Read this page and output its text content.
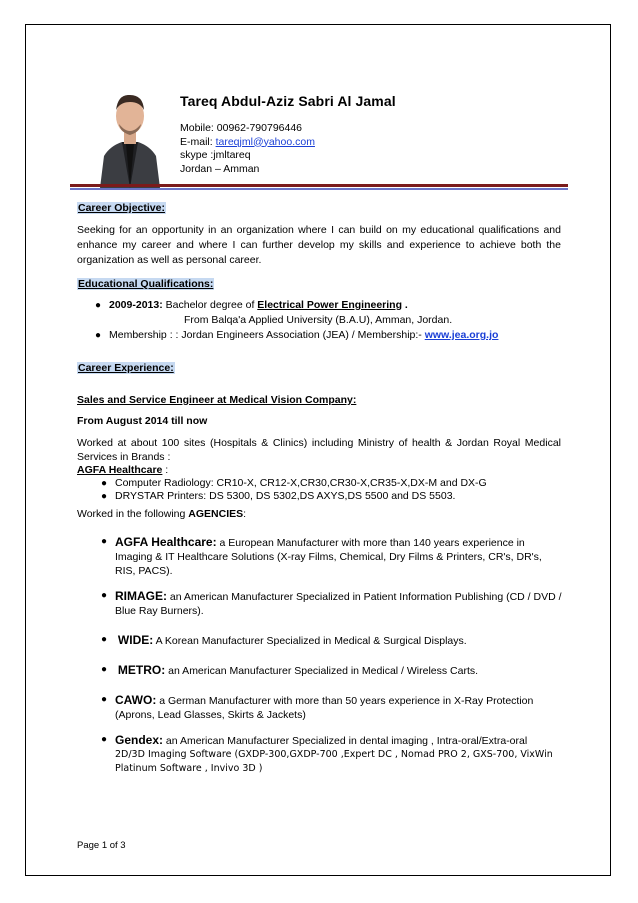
Tareq Abdul-Aziz Sabri Al Jamal
Mobile: 00962-790796446
E-mail: tareqjml@yahoo.com
skype :jmltareq
Jordan – Amman
Career Objective:

Seeking for an opportunity in an organization where I can build on my educational qualifications and enhance my career and where I can further develop my skills and experience to achieve both the organization as well as personal career.

Educational Qualifications:
● 2009-2013: Bachelor degree of Electrical Power Engineering .
From Balqa'a Applied University (B.A.U), Amman, Jordan.
● Membership : : Jordan Engineers Association (JEA) / Membership:- www.jea.org.jo
Career Experience:
Sales and Service Engineer at Medical Vision Company:
From August 2014 till now

Worked at about 100 sites (Hospitals & Clinics) including Ministry of health & Jordan Royal Medical Services in Brands :

AGFA Healthcare :
● Computer Radiology: CR10-X, CR12-X,CR30,CR30-X,CR35-X,DX-M and DX-G
● DRYSTAR Printers: DS 5300, DS 5302,DS AXYS,DS 5500 and DS 5503.
Worked in the following AGENCIES:
● AGFA Healthcare: a European Manufacturer with more than 140 years experience in Imaging & IT Healthcare Solutions (X-ray Films, Chemical, Dry Films & Printers, CR's, DR's, RIS, PACS).
● RIMAGE: an American Manufacturer Specialized in Patient Information Publishing (CD / DVD / Blue Ray Burners).
● WIDE: A Korean Manufacturer Specialized in Medical & Surgical Displays.
● METRO: an American Manufacturer Specialized in Medical / Wireless Carts.
● CAWO: a German Manufacturer with more than 50 years experience in X-Ray Protection (Aprons, Lead Glasses, Skirts & Jackets)
● Gendex: an American Manufacturer Specialized in dental imaging , Intra-oral/Extra-oral
2D/3D Imaging Software (GXDP-300,GXDP-700 ,Expert DC , Nomad PRO 2, GXS-700, VixWin Platinum Software , Invivo 3D )
Page 1 of 3
